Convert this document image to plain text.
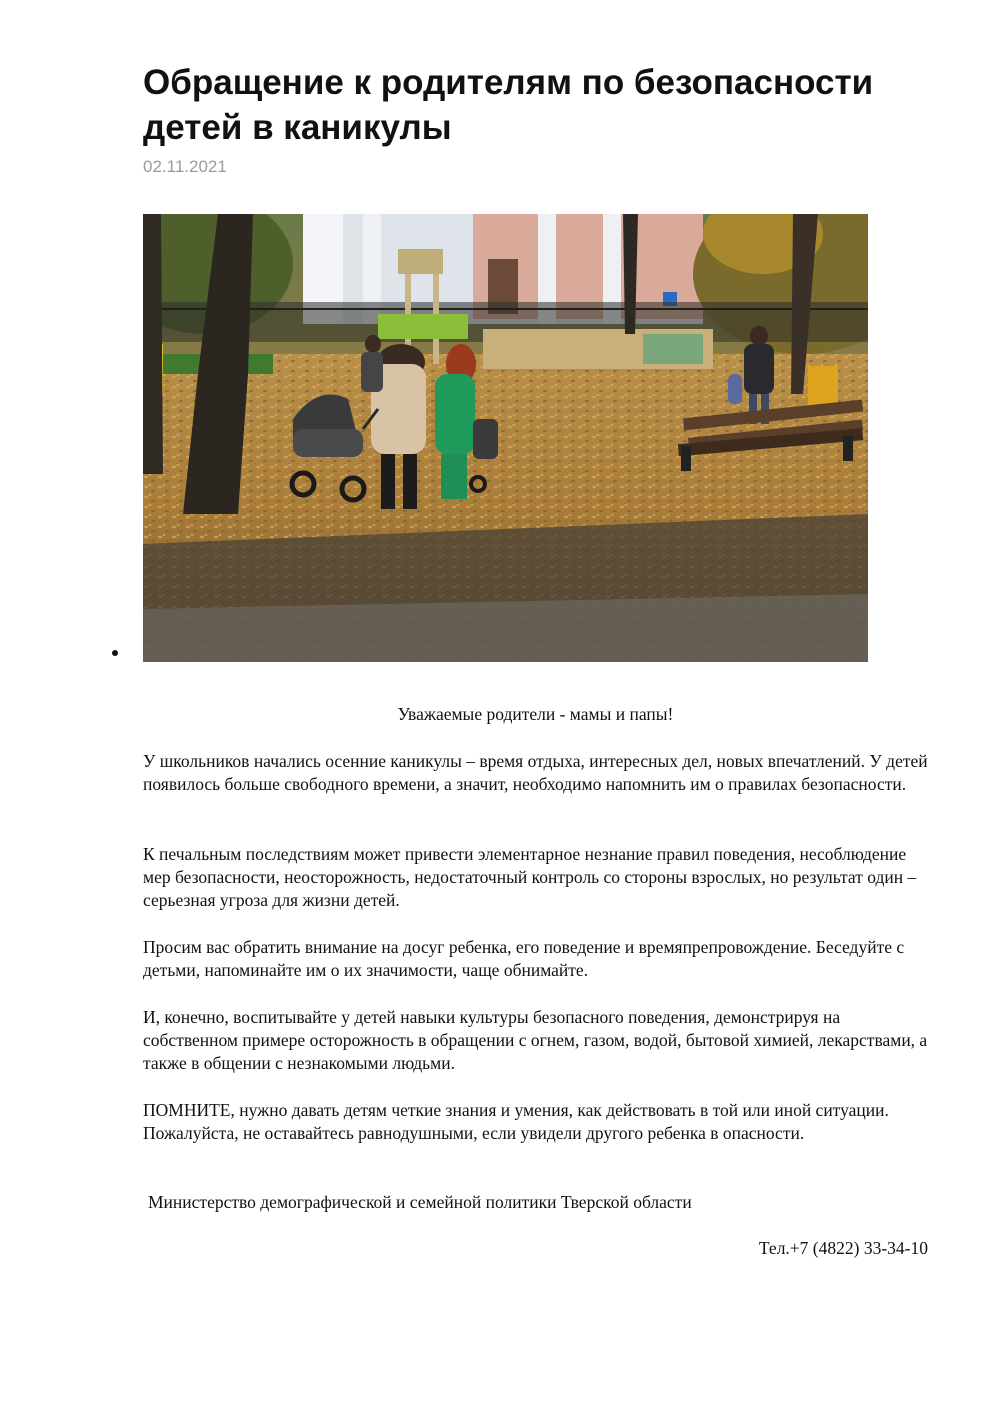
Обращение к родителям по безопасности детей в каникулы
02.11.2021
Уважаемые родители - мамы и папы!

У школьников начались осенние каникулы – время отдыха, интересных дел, новых впечатлений. У детей появилось больше свободного времени, а значит, необходимо напомнить им о правилах безопасности.

К печальным последствиям может привести элементарное незнание правил поведения, несоблюдение мер безопасности, неосторожность, недостаточный контроль со стороны взрослых, но результат один – серьезная угроза для жизни детей.

Просим вас обратить внимание на досуг ребенка, его поведение и времяпрепровождение. Беседуйте с детьми, напоминайте им о их значимости, чаще обнимайте.

И, конечно, воспитывайте у детей навыки культуры безопасного поведения, демонстрируя на собственном примере осторожность в обращении с огнем, газом, водой, бытовой химией, лекарствами, а также в общении с незнакомыми людьми.

ПОМНИТЕ, нужно давать детям четкие знания и умения, как действовать в той или иной ситуации. Пожалуйста, не оставайтесь равнодушными, если увидели другого ребенка в опасности.

Министерство демографической и семейной политики Тверской области
Тел.+7 (4822) 33-34-10
